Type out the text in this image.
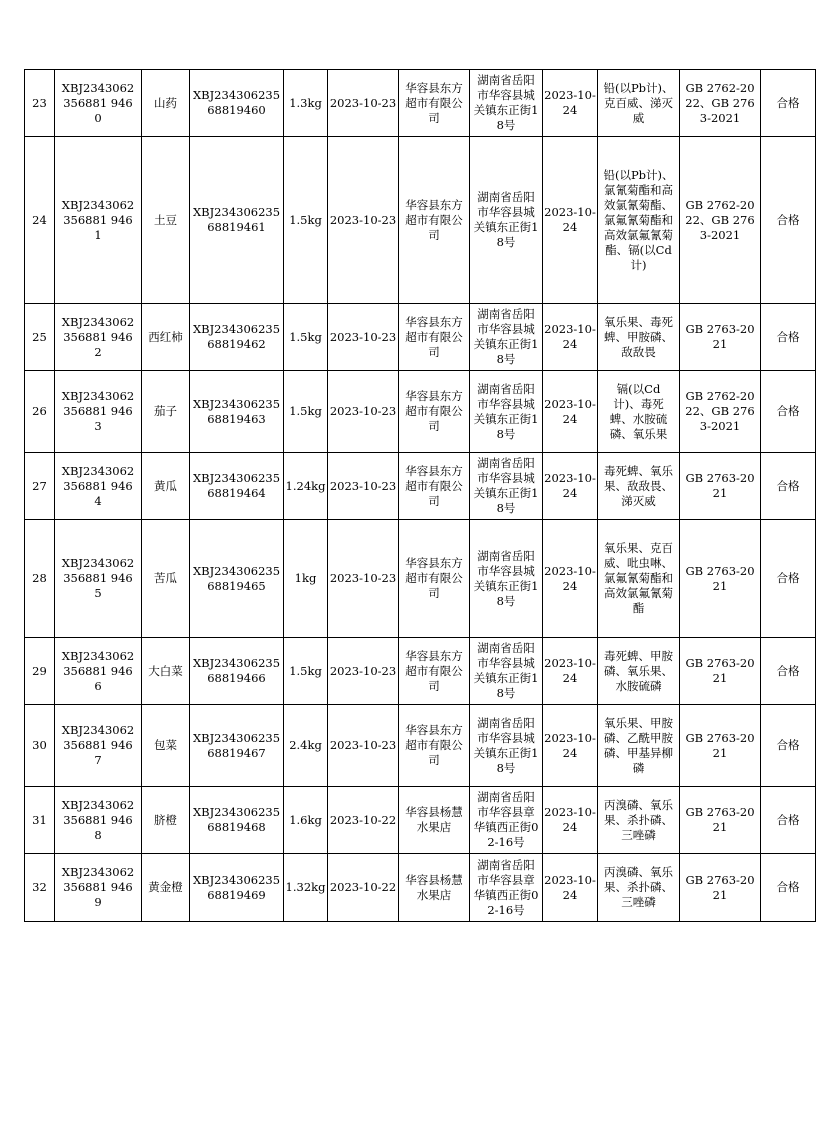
23	XBJ2343062356881 9460	山药	XBJ23430623568819460	1.3kg	2023-10-23	华容县东方超市有限公司	湖南省岳阳市华容县城关镇东正街18号	2023-10-24	铅(以Pb计)、克百威、涕灭威	GB 2762-2022、GB 2763-2021	合格
24	XBJ2343062356881 9461	土豆	XBJ23430623568819461	1.5kg	2023-10-23	华容县东方超市有限公司	湖南省岳阳市华容县城关镇东正街18号	2023-10-24	铅(以Pb计)、氯氰菊酯和高效氯氰菊酯、氯氟氰菊酯和高效氯氟氰菊酯、镉(以Cd计)	GB 2762-2022、GB 2763-2021	合格
25	XBJ2343062356881 9462	西红柿	XBJ23430623568819462	1.5kg	2023-10-23	华容县东方超市有限公司	湖南省岳阳市华容县城关镇东正街18号	2023-10-24	氧乐果、毒死蜱、甲胺磷、敌敌畏	GB 2763-2021	合格
26	XBJ2343062356881 9463	茄子	XBJ23430623568819463	1.5kg	2023-10-23	华容县东方超市有限公司	湖南省岳阳市华容县城关镇东正街18号	2023-10-24	镉(以Cd计)、毒死蜱、水胺硫磷、氧乐果	GB 2762-2022、GB 2763-2021	合格
27	XBJ2343062356881 9464	黄瓜	XBJ23430623568819464	1.24kg	2023-10-23	华容县东方超市有限公司	湖南省岳阳市华容县城关镇东正街18号	2023-10-24	毒死蜱、氧乐果、敌敌畏、涕灭威	GB 2763-2021	合格
28	XBJ2343062356881 9465	苦瓜	XBJ23430623568819465	1kg	2023-10-23	华容县东方超市有限公司	湖南省岳阳市华容县城关镇东正街18号	2023-10-24	氧乐果、克百威、吡虫啉、氯氟氰菊酯和高效氯氟氰菊酯	GB 2763-2021	合格
29	XBJ2343062356881 9466	大白菜	XBJ23430623568819466	1.5kg	2023-10-23	华容县东方超市有限公司	湖南省岳阳市华容县城关镇东正街18号	2023-10-24	毒死蜱、甲胺磷、氧乐果、水胺硫磷	GB 2763-2021	合格
30	XBJ2343062356881 9467	包菜	XBJ23430623568819467	2.4kg	2023-10-23	华容县东方超市有限公司	湖南省岳阳市华容县城关镇东正街18号	2023-10-24	氧乐果、甲胺磷、乙酰甲胺磷、甲基异柳磷	GB 2763-2021	合格
31	XBJ2343062356881 9468	脐橙	XBJ23430623568819468	1.6kg	2023-10-22	华容县杨慧水果店	湖南省岳阳市华容县章华镇西正街02-16号	2023-10-24	丙溴磷、氧乐果、杀扑磷、三唑磷	GB 2763-2021	合格
32	XBJ2343062356881 9469	黄金橙	XBJ23430623568819469	1.32kg	2023-10-22	华容县杨慧水果店	湖南省岳阳市华容县章华镇西正街02-16号	2023-10-24	丙溴磷、氧乐果、杀扑磷、三唑磷	GB 2763-2021	合格
